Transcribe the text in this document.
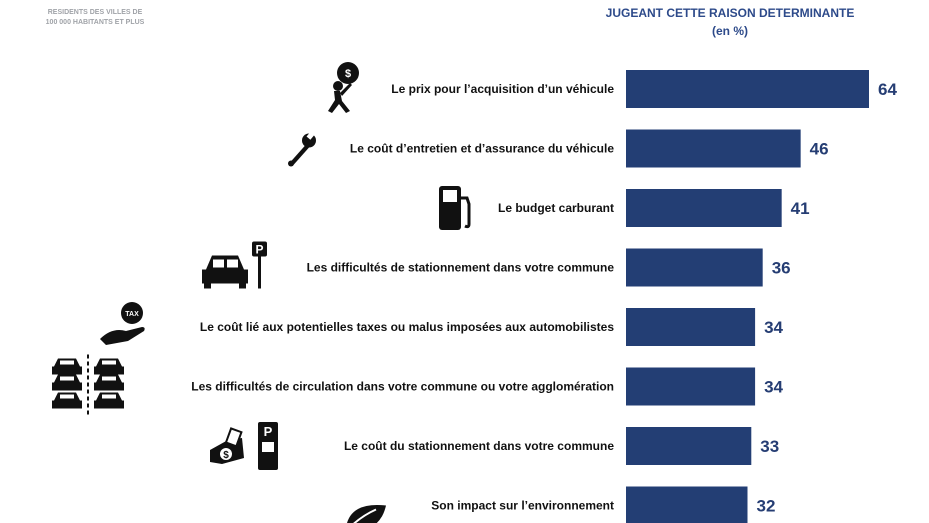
RESIDENTS DES VILLES DE
100 000 HABITANTS ET PLUS
JUGEANT CETTE RAISON DETERMINANTE
(en %)
64
Le prix pour l’acquisition d’un véhicule
$
46
Le coût d’entretien et d’assurance du véhicule
41
Le budget carburant
36
Les difficultés de stationnement dans votre commune
P
34
Le coût lié aux potentielles taxes ou malus imposées aux automobilistes
TAX
34
Les difficultés de circulation dans votre commune ou votre agglomération
33
Le coût du stationnement dans votre commune
$
P
32
Son impact sur l’environnement
